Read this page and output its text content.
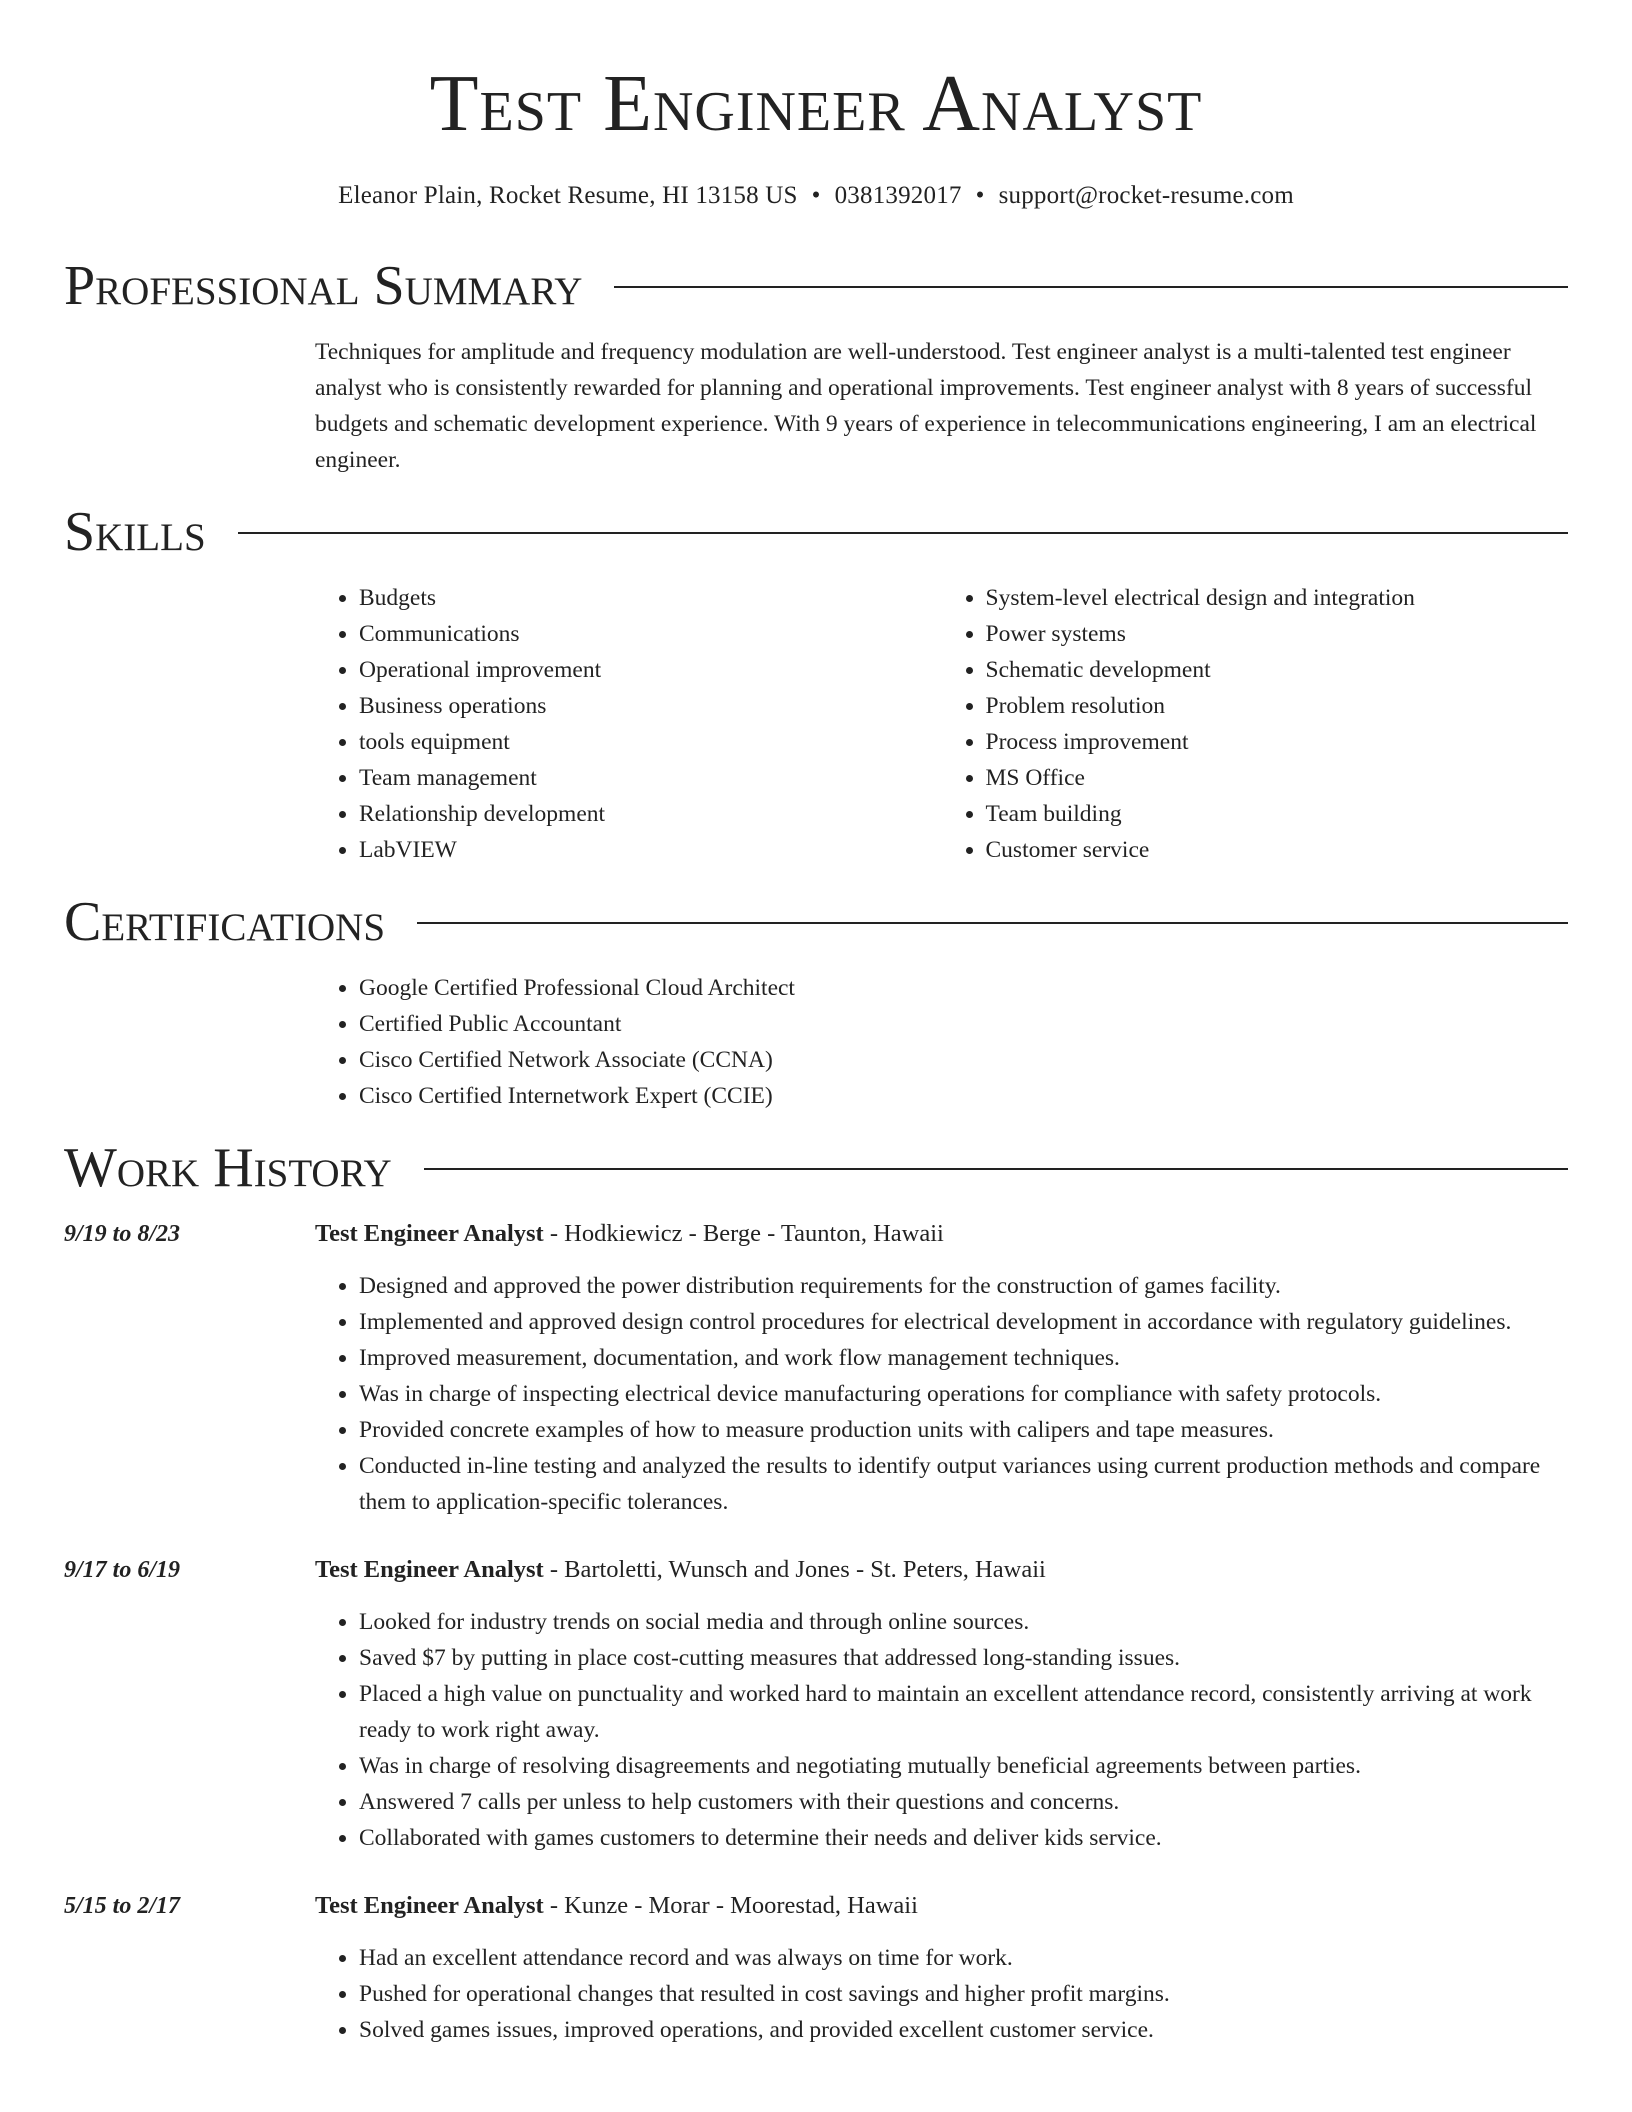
Test Engineer Analyst
Eleanor Plain, Rocket Resume, HI 13158 US • 0381392017 • support@rocket-resume.com
Professional Summary
Techniques for amplitude and frequency modulation are well-understood. Test engineer analyst is a multi-talented test engineer analyst who is consistently rewarded for planning and operational improvements. Test engineer analyst with 8 years of successful budgets and schematic development experience. With 9 years of experience in telecommunications engineering, I am an electrical engineer.
Skills
• Budgets
• Communications
• Operational improvement
• Business operations
• tools equipment
• Team management
• Relationship development
• LabVIEW
• System-level electrical design and integration
• Power systems
• Schematic development
• Problem resolution
• Process improvement
• MS Office
• Team building
• Customer service
Certifications
• Google Certified Professional Cloud Architect
• Certified Public Accountant
• Cisco Certified Network Associate (CCNA)
• Cisco Certified Internetwork Expert (CCIE)
Work History
9/19 to 8/23	Test Engineer Analyst - Hodkiewicz - Berge - Taunton, Hawaii
• Designed and approved the power distribution requirements for the construction of games facility.
• Implemented and approved design control procedures for electrical development in accordance with regulatory guidelines.
• Improved measurement, documentation, and work flow management techniques.
• Was in charge of inspecting electrical device manufacturing operations for compliance with safety protocols.
• Provided concrete examples of how to measure production units with calipers and tape measures.
• Conducted in-line testing and analyzed the results to identify output variances using current production methods and compare them to application-specific tolerances.
9/17 to 6/19	Test Engineer Analyst - Bartoletti, Wunsch and Jones - St. Peters, Hawaii
• Looked for industry trends on social media and through online sources.
• Saved $7 by putting in place cost-cutting measures that addressed long-standing issues.
• Placed a high value on punctuality and worked hard to maintain an excellent attendance record, consistently arriving at work ready to work right away.
• Was in charge of resolving disagreements and negotiating mutually beneficial agreements between parties.
• Answered 7 calls per unless to help customers with their questions and concerns.
• Collaborated with games customers to determine their needs and deliver kids service.
5/15 to 2/17	Test Engineer Analyst - Kunze - Morar - Moorestad, Hawaii
• Had an excellent attendance record and was always on time for work.
• Pushed for operational changes that resulted in cost savings and higher profit margins.
• Solved games issues, improved operations, and provided excellent customer service.
